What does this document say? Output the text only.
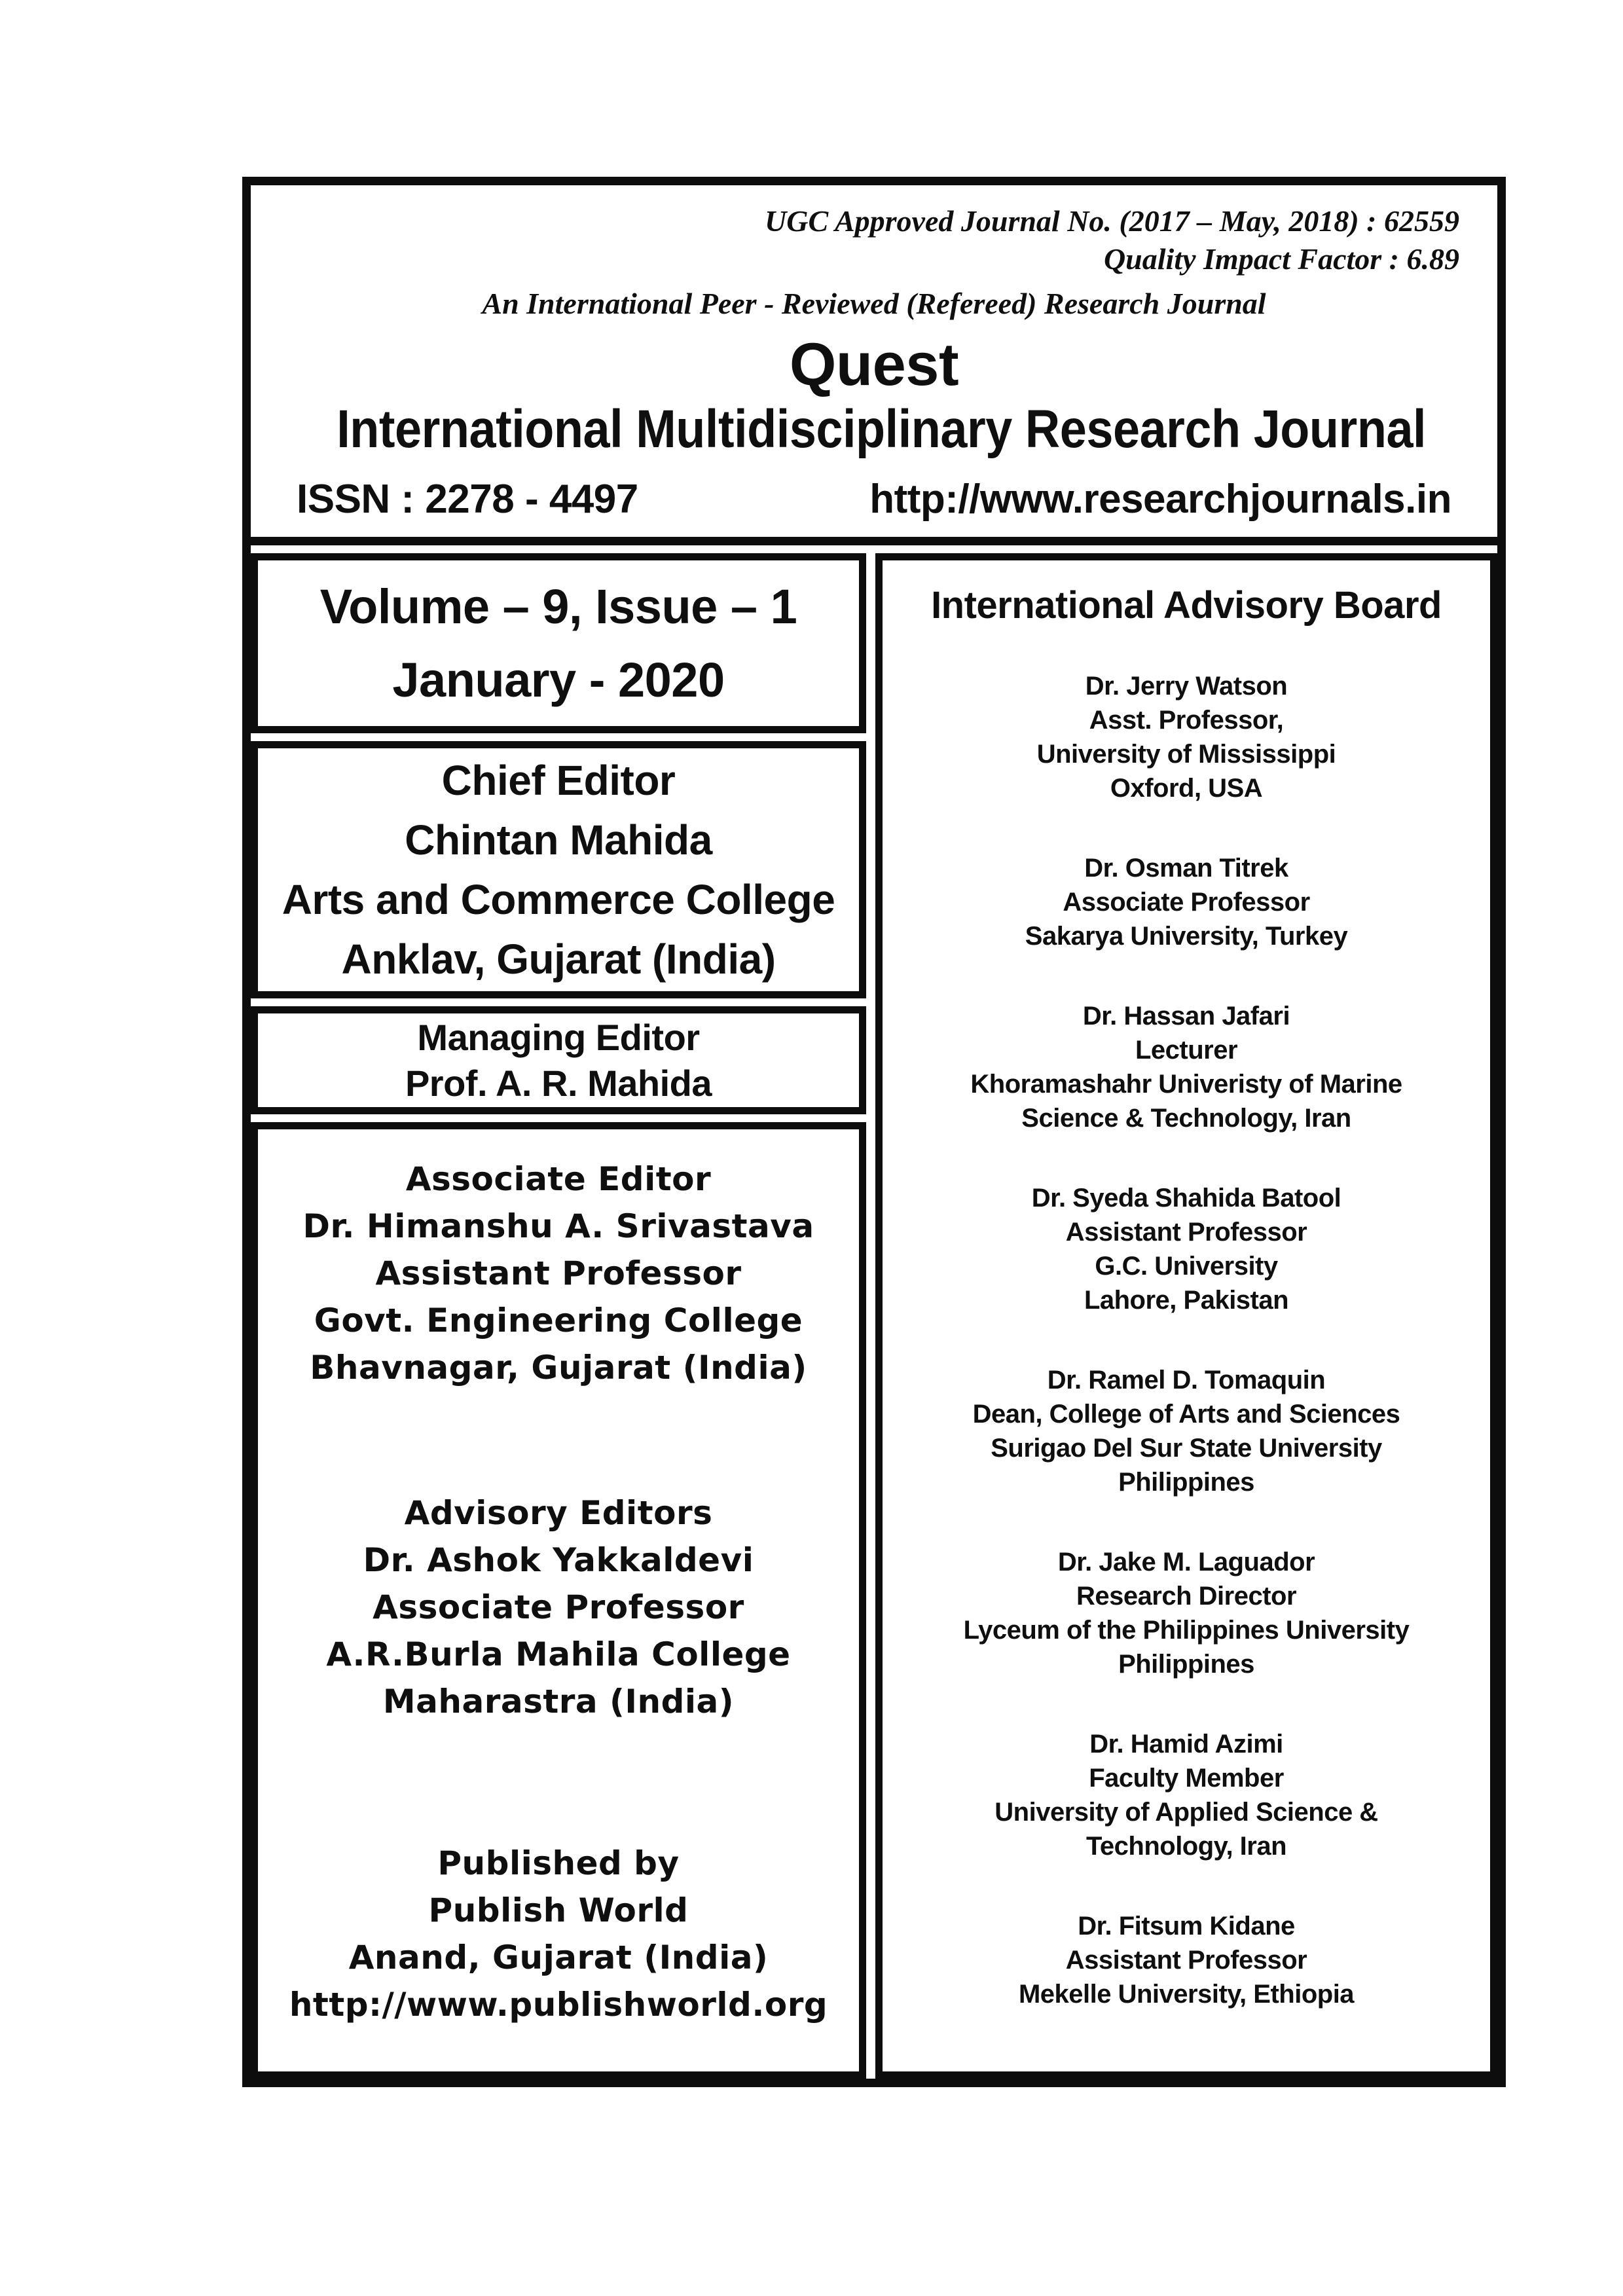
UGC Approved Journal No. (2017 – May, 2018) : 62559
Quality Impact Factor : 6.89
An International Peer - Reviewed (Refereed) Research Journal
Quest
International Multidisciplinary Research Journal
ISSN : 2278 - 4497	http://www.researchjournals.in
Volume – 9, Issue – 1
January - 2020
Chief Editor
Chintan Mahida
Arts and Commerce College
Anklav, Gujarat (India)
Managing Editor
Prof. A. R. Mahida
Associate Editor
Dr. Himanshu A. Srivastava
Assistant Professor
Govt. Engineering College
Bhavnagar, Gujarat (India)
Advisory Editors
Dr. Ashok Yakkaldevi
Associate Professor
A.R.Burla Mahila College
Maharastra (India)
Published by
Publish World
Anand, Gujarat (India)
http://www.publishworld.org
International Advisory Board
Dr. Jerry Watson
Asst. Professor,
University of Mississippi
Oxford, USA
Dr. Osman Titrek
Associate Professor
Sakarya University, Turkey
Dr. Hassan Jafari
Lecturer
Khoramashahr Univeristy of Marine
Science & Technology, Iran
Dr. Syeda Shahida Batool
Assistant Professor
G.C. University
Lahore, Pakistan
Dr. Ramel D. Tomaquin
Dean, College of Arts and Sciences
Surigao Del Sur State University
Philippines
Dr. Jake M. Laguador
Research Director
Lyceum of the Philippines University
Philippines
Dr. Hamid Azimi
Faculty Member
University of Applied Science &
Technology, Iran
Dr. Fitsum Kidane
Assistant Professor
Mekelle University, Ethiopia
